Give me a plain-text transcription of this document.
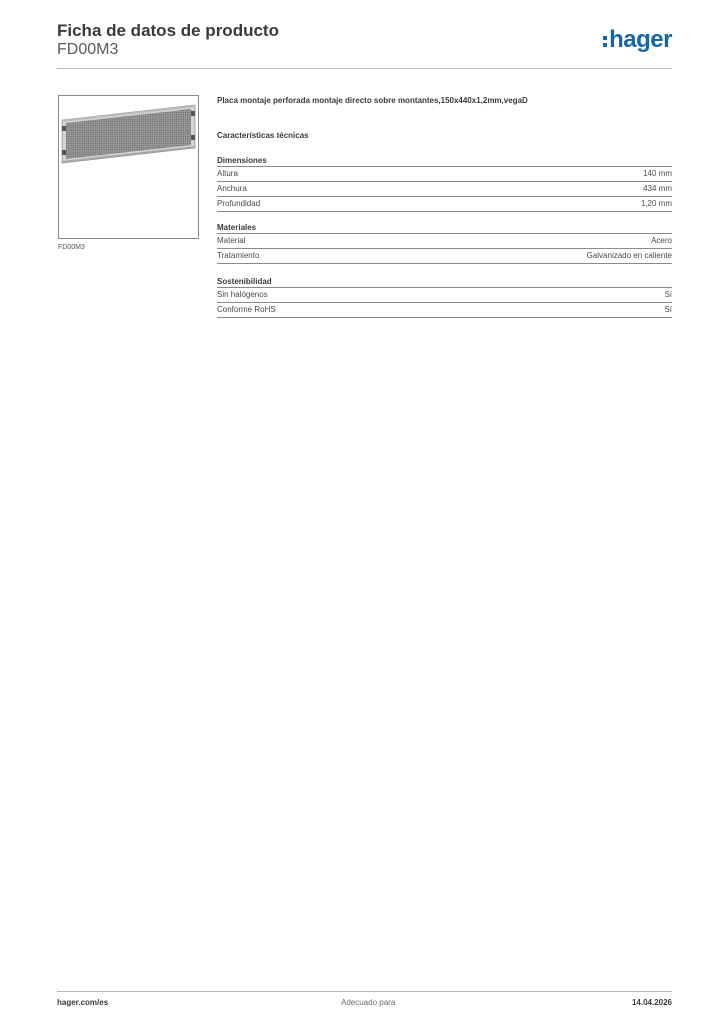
Ficha de datos de producto
FD00M3	hager
FD00M3
Placa montaje perforada montaje directo sobre montantes,150x440x1,2mm,vegaD
Características técnicas
Dimensiones
Altura	140 mm
Anchura	434 mm
Profundidad	1,20 mm
Materiales
Material	Acero
Tratamiento	Galvanizado en caliente
Sostenibilidad
Sin halógenos	Sí
Conforme RoHS	Sí
hager.com/es	Adecuado para	14.04.2026
